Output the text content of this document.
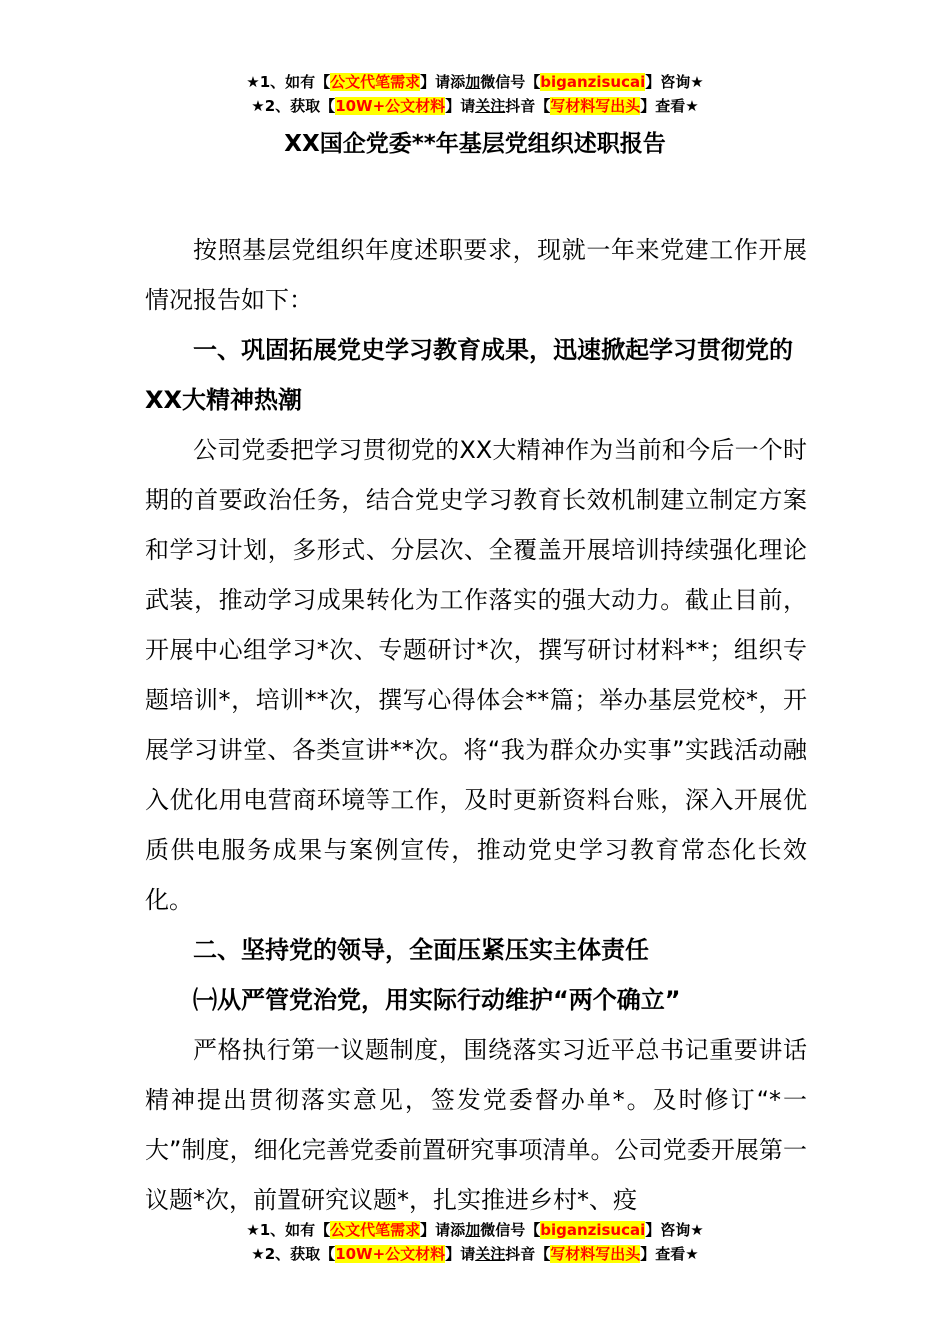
★1、如有【公文代笔需求】请添加微信号【biganzisucai】咨询★
★2、获取【10W+公文材料】请关注抖音【写材料写出头】查看★
XX国企党委**年基层党组织述职报告

按照基层党组织年度述职要求，现就一年来党建工作开展情况报告如下：

一、巩固拓展党史学习教育成果，迅速掀起学习贯彻党的XX大精神热潮

公司党委把学习贯彻党的XX大精神作为当前和今后一个时期的首要政治任务，结合党史学习教育长效机制建立制定方案和学习计划，多形式、分层次、全覆盖开展培训持续强化理论武装，推动学习成果转化为工作落实的强大动力。截止目前，开展中心组学习*次、专题研讨*次，撰写研讨材料**；组织专题培训*，培训**次，撰写心得体会**篇；举办基层党校*，开展学习讲堂、各类宣讲**次。将“我为群众办实事”实践活动融入优化用电营商环境等工作，及时更新资料台账，深入开展优质供电服务成果与案例宣传，推动党史学习教育常态化长效化。

二、坚持党的领导，全面压紧压实主体责任

㈠从严管党治党，用实际行动维护“两个确立”

严格执行第一议题制度，围绕落实习近平总书记重要讲话精神提出贯彻落实意见，签发党委督办单*。及时修订“*一大”制度，细化完善党委前置研究事项清单。公司党委开展第一议题*次，前置研究议题*，扎实推进乡村*、疫

★1、如有【公文代笔需求】请添加微信号【biganzisucai】咨询★
★2、获取【10W+公文材料】请关注抖音【写材料写出头】查看★
